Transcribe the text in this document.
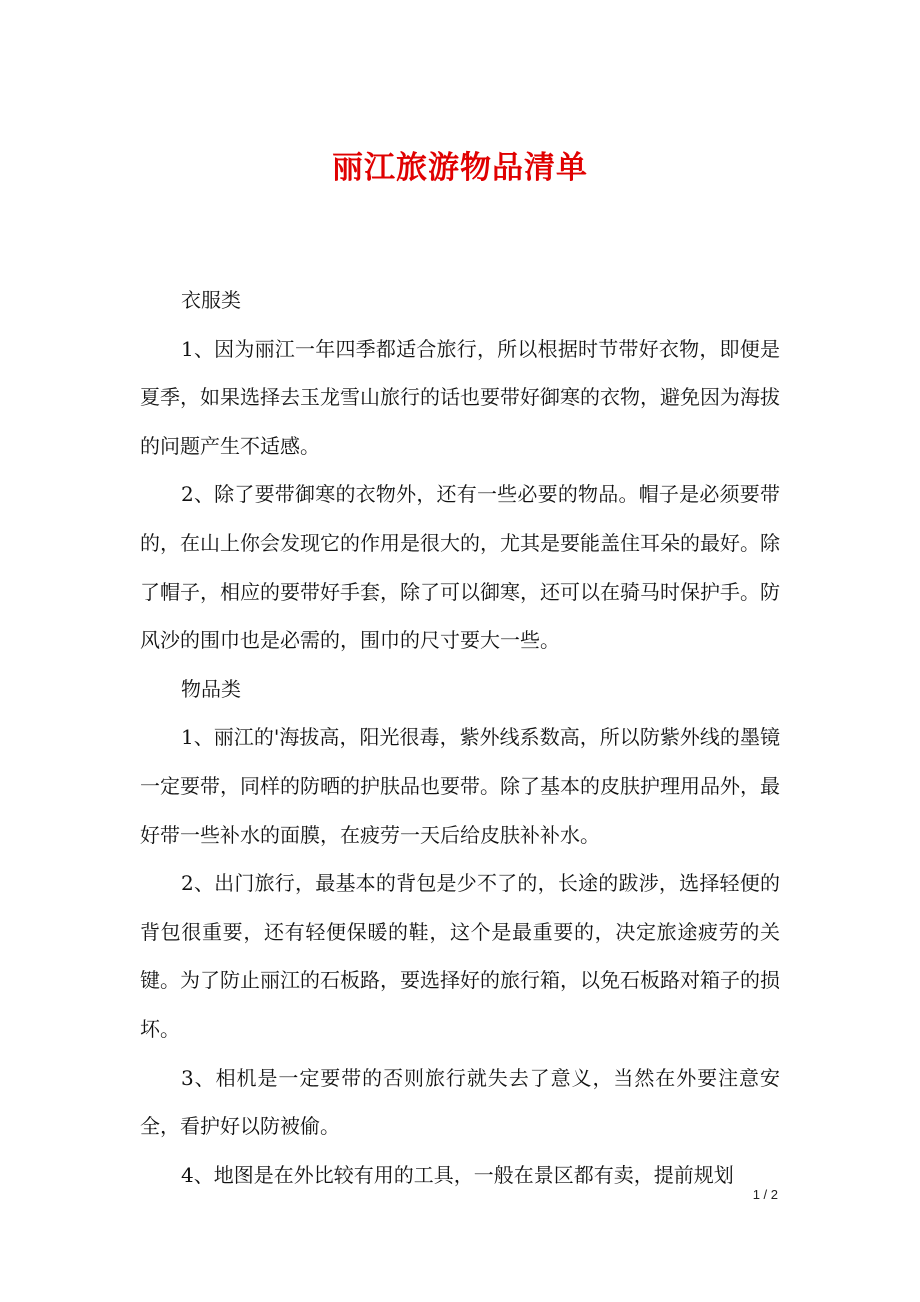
丽江旅游物品清单

衣服类

1、因为丽江一年四季都适合旅行，所以根据时节带好衣物，即便是夏季，如果选择去玉龙雪山旅行的话也要带好御寒的衣物，避免因为海拔的问题产生不适感。

2、除了要带御寒的衣物外，还有一些必要的物品。帽子是必须要带的，在山上你会发现它的作用是很大的，尤其是要能盖住耳朵的最好。除了帽子，相应的要带好手套，除了可以御寒，还可以在骑马时保护手。防风沙的围巾也是必需的，围巾的尺寸要大一些。

物品类

1、丽江的'海拔高，阳光很毒，紫外线系数高，所以防紫外线的墨镜一定要带，同样的防晒的护肤品也要带。除了基本的皮肤护理用品外，最好带一些补水的面膜，在疲劳一天后给皮肤补补水。

2、出门旅行，最基本的背包是少不了的，长途的跋涉，选择轻便的背包很重要，还有轻便保暖的鞋，这个是最重要的，决定旅途疲劳的关键。为了防止丽江的石板路，要选择好的旅行箱，以免石板路对箱子的损坏。

3、相机是一定要带的否则旅行就失去了意义，当然在外要注意安全，看护好以防被偷。

4、地图是在外比较有用的工具，一般在景区都有卖，提前规划

1 / 2
